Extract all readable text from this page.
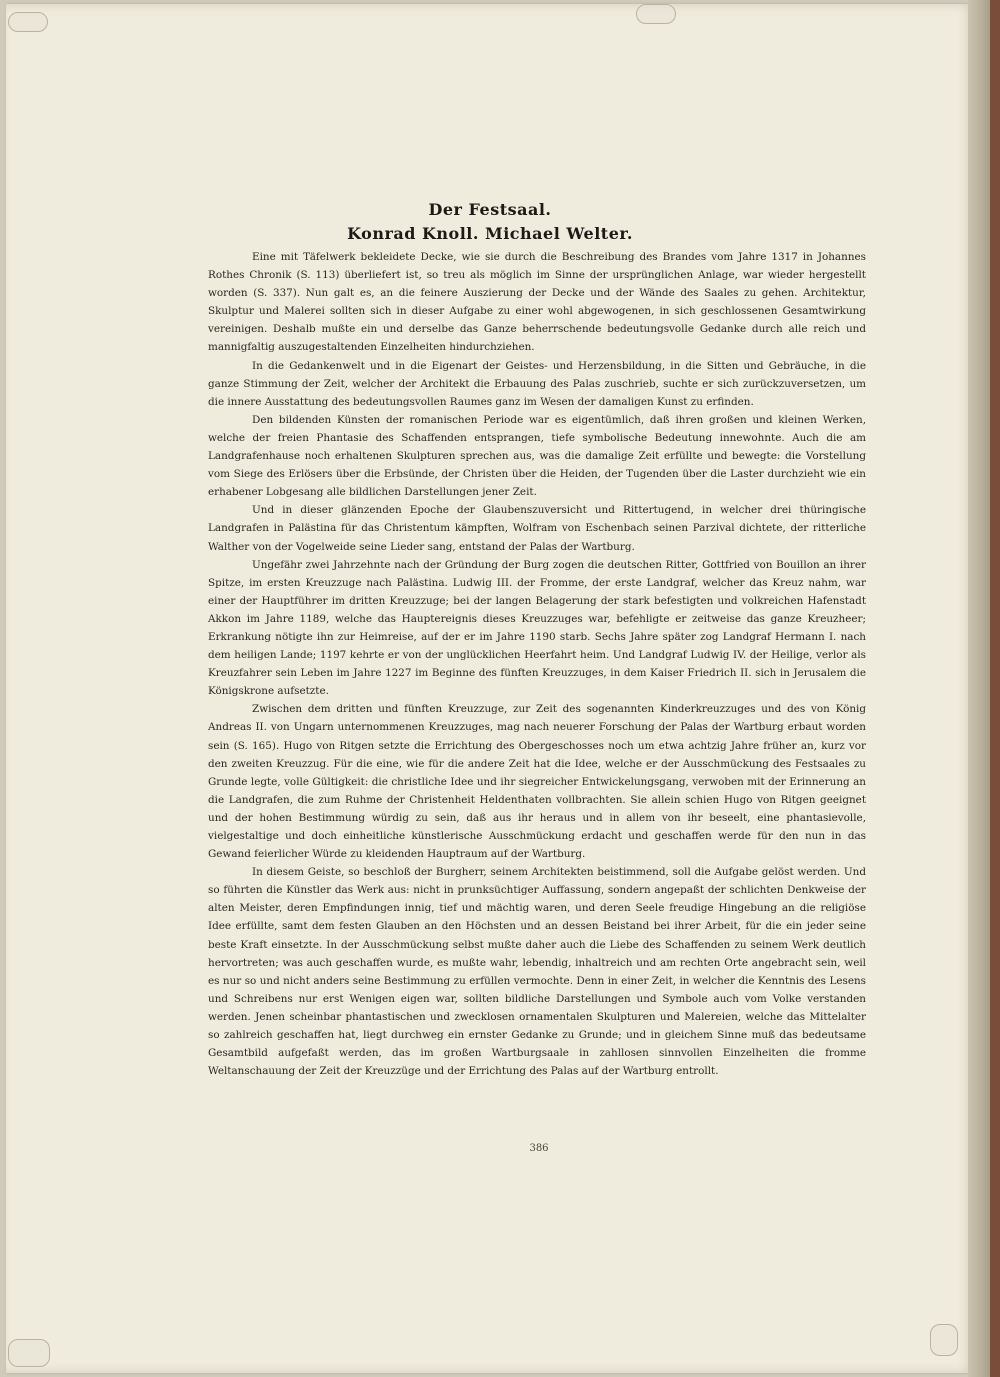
Der Festsaal.
Konrad Knoll. Michael Welter.

Eine mit Täfelwerk bekleidete Decke, wie sie durch die Beschreibung des Brandes vom Jahre 1317 in Johannes Rothes Chronik (S. 113) überliefert ist, so treu als möglich im Sinne der ursprünglichen Anlage, war wieder hergestellt worden (S. 337). Nun galt es, an die feinere Auszierung der Decke und der Wände des Saales zu gehen. Architektur, Skulptur und Malerei sollten sich in dieser Aufgabe zu einer wohl abgewogenen, in sich geschlossenen Gesamtwirkung vereinigen. Deshalb mußte ein und derselbe das Ganze beherrschende bedeutungsvolle Gedanke durch alle reich und mannigfaltig auszugestaltenden Einzelheiten hindurchziehen.

In die Gedankenwelt und in die Eigenart der Geistes- und Herzensbildung, in die Sitten und Gebräuche, in die ganze Stimmung der Zeit, welcher der Architekt die Erbauung des Palas zuschrieb, suchte er sich zurückzuversetzen, um die innere Ausstattung des bedeutungsvollen Raumes ganz im Wesen der damaligen Kunst zu erfinden.

Den bildenden Künsten der romanischen Periode war es eigentümlich, daß ihren großen und kleinen Werken, welche der freien Phantasie des Schaffenden entsprangen, tiefe symbolische Bedeutung innewohnte. Auch die am Landgrafenhause noch erhaltenen Skulpturen sprechen aus, was die damalige Zeit erfüllte und bewegte: die Vorstellung vom Siege des Erlösers über die Erbsünde, der Christen über die Heiden, der Tugenden über die Laster durchzieht wie ein erhabener Lobgesang alle bildlichen Darstellungen jener Zeit.

Und in dieser glänzenden Epoche der Glaubenszuversicht und Rittertugend, in welcher drei thüringische Landgrafen in Palästina für das Christentum kämpften, Wolfram von Eschenbach seinen Parzival dichtete, der ritterliche Walther von der Vogelweide seine Lieder sang, entstand der Palas der Wartburg.

Ungefähr zwei Jahrzehnte nach der Gründung der Burg zogen die deutschen Ritter, Gottfried von Bouillon an ihrer Spitze, im ersten Kreuzzuge nach Palästina. Ludwig III. der Fromme, der erste Landgraf, welcher das Kreuz nahm, war einer der Hauptführer im dritten Kreuzzuge; bei der langen Belagerung der stark befestigten und volkreichen Hafenstadt Akkon im Jahre 1189, welche das Hauptereignis dieses Kreuzzuges war, befehligte er zeitweise das ganze Kreuzheer; Erkrankung nötigte ihn zur Heimreise, auf der er im Jahre 1190 starb. Sechs Jahre später zog Landgraf Hermann I. nach dem heiligen Lande; 1197 kehrte er von der unglücklichen Heerfahrt heim. Und Landgraf Ludwig IV. der Heilige, verlor als Kreuzfahrer sein Leben im Jahre 1227 im Beginne des fünften Kreuzzuges, in dem Kaiser Friedrich II. sich in Jerusalem die Königskrone aufsetzte.

Zwischen dem dritten und fünften Kreuzzuge, zur Zeit des sogenannten Kinderkreuzzuges und des von König Andreas II. von Ungarn unternommenen Kreuzzuges, mag nach neuerer Forschung der Palas der Wartburg erbaut worden sein (S. 165). Hugo von Ritgen setzte die Errichtung des Obergeschosses noch um etwa achtzig Jahre früher an, kurz vor den zweiten Kreuzzug. Für die eine, wie für die andere Zeit hat die Idee, welche er der Ausschmückung des Festsaales zu Grunde legte, volle Gültigkeit: die christliche Idee und ihr siegreicher Entwickelungsgang, verwoben mit der Erinnerung an die Landgrafen, die zum Ruhme der Christenheit Heldenthaten vollbrachten. Sie allein schien Hugo von Ritgen geeignet und der hohen Bestimmung würdig zu sein, daß aus ihr heraus und in allem von ihr beseelt, eine phantasievolle, vielgestaltige und doch einheitliche künstlerische Ausschmückung erdacht und geschaffen werde für den nun in das Gewand feierlicher Würde zu kleidenden Hauptraum auf der Wartburg.

In diesem Geiste, so beschloß der Burgherr, seinem Architekten beistimmend, soll die Aufgabe gelöst werden. Und so führten die Künstler das Werk aus: nicht in prunksüchtiger Auffassung, sondern angepaßt der schlichten Denkweise der alten Meister, deren Empfindungen innig, tief und mächtig waren, und deren Seele freudige Hingebung an die religiöse Idee erfüllte, samt dem festen Glauben an den Höchsten und an dessen Beistand bei ihrer Arbeit, für die ein jeder seine beste Kraft einsetzte. In der Ausschmückung selbst mußte daher auch die Liebe des Schaffenden zu seinem Werk deutlich hervortreten; was auch geschaffen wurde, es mußte wahr, lebendig, inhaltreich und am rechten Orte angebracht sein, weil es nur so und nicht anders seine Bestimmung zu erfüllen vermochte. Denn in einer Zeit, in welcher die Kenntnis des Lesens und Schreibens nur erst Wenigen eigen war, sollten bildliche Darstellungen und Symbole auch vom Volke verstanden werden. Jenen scheinbar phantastischen und zwecklosen ornamentalen Skulpturen und Malereien, welche das Mittelalter so zahlreich geschaffen hat, liegt durchweg ein ernster Gedanke zu Grunde; und in gleichem Sinne muß das bedeutsame Gesamtbild aufgefaßt werden, das im großen Wartburgsaale in zahllosen sinnvollen Einzelheiten die fromme Weltanschauung der Zeit der Kreuzzüge und der Errichtung des Palas auf der Wartburg entrollt.

386
